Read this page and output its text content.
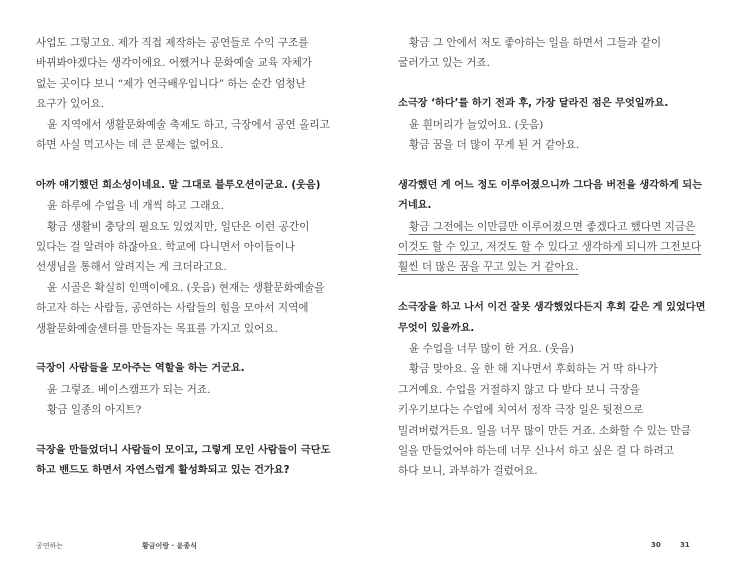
사업도 그렇고요. 제가 직접 제작하는 공연들로 수익 구조를
바뀌봐야겠다는 생각이에요. 어쨌거나 문화예술 교육 자체가
없는 곳이다 보니 “제가 연극배우입니다” 하는 순간 엄청난
요구가 있어요.
윤 지역에서 생활문화예술 축제도 하고, 극장에서 공연 올리고
하면 사실 먹고사는 데 큰 문제는 없어요.
아까 얘기했던 희소성이네요. 말 그대로 블루오션이군요. (웃음)
윤 하루에 수업을 네 개씩 하고 그래요.
황금 생활비 충당의 필요도 있었지만, 일단은 이런 공간이
있다는 걸 알려야 하잖아요. 학교에 다니면서 아이들이나
선생님을 통해서 알려지는 게 크더라고요.
윤 시골은 확실히 인맥이에요. (웃음) 현재는 생활문화예술을
하고자 하는 사람들, 공연하는 사람들의 힘을 모아서 지역에
생활문화예술센터를 만들자는 목표를 가지고 있어요.
극장이 사람들을 모아주는 역할을 하는 거군요.
윤 그렇죠. 베이스캠프가 되는 거죠.
황금 일종의 아지트?
극장을 만들었더니 사람들이 모이고, 그렇게 모인 사람들이 극단도
하고 밴드도 하면서 자연스럽게 활성화되고 있는 건가요?
황금 그 안에서 저도 좋아하는 일을 하면서 그들과 같이
굴러가고 있는 거죠.
소극장 ‘하다’를 하기 전과 후, 가장 달라진 점은 무엇일까요.
윤 흰머리가 늘었어요. (웃음)
황금 꿈을 더 많이 꾸게 된 거 같아요.
생각했던 게 어느 정도 이루어졌으니까 그다음 버전을 생각하게 되는
거네요.
황금 그전에는 이만큼만 이루어졌으면 좋겠다고 했다면 지금은
이것도 할 수 있고, 저것도 할 수 있다고 생각하게 되니까 그전보다
훨씬 더 많은 꿈을 꾸고 있는 거 같아요.
소극장을 하고 나서 이건 잘못 생각했었다든지 후회 같은 게 있었다면
무엇이 있을까요.
윤 수업을 너무 많이 한 거요. (웃음)
황금 맞아요. 올 한 해 지나면서 후회하는 거 딱 하나가
그거예요. 수업을 거절하지 않고 다 받다 보니 극장을
키우기보다는 수업에 치여서 정작 극장 일은 뒷전으로
밀려버렸거든요. 일을 너무 많이 만든 거죠. 소화할 수 있는 만큼
일을 만들었어야 하는데 너무 신나서 하고 싶은 걸 다 하려고
하다 보니, 과부하가 걸렸어요.
공연하는	황금이랑 · 윤종식	30	31
